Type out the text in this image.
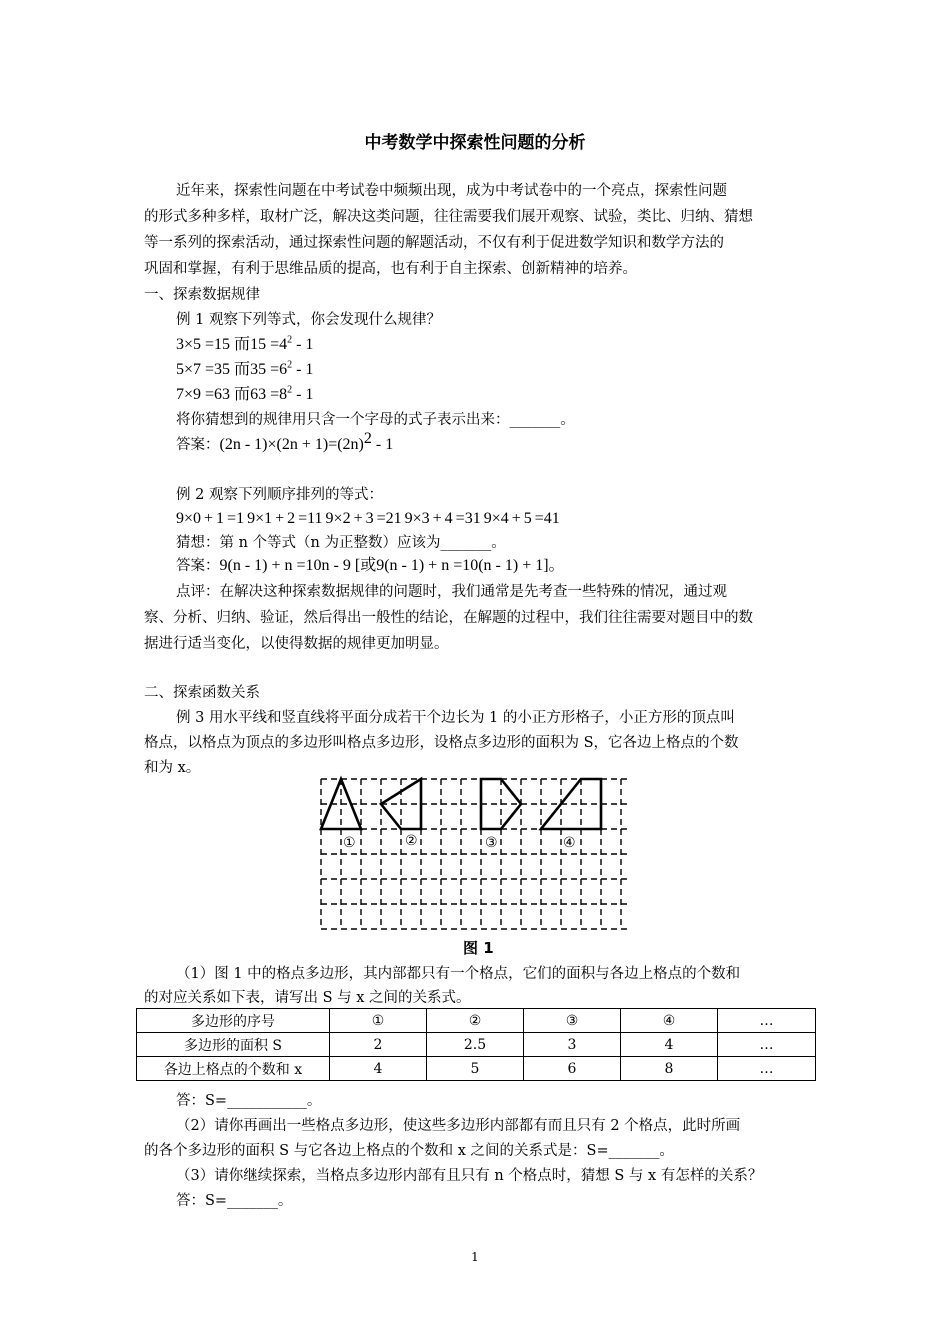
中考数学中探索性问题的分析
近年来，探索性问题在中考试卷中频频出现，成为中考试卷中的一个亮点，探索性问题
的形式多种多样，取材广泛，解决这类问题，往往需要我们展开观察、试验，类比、归纳、猜想
等一系列的探索活动，通过探索性问题的解题活动，不仅有利于促进数学知识和数学方法的
巩固和掌握，有利于思维品质的提高，也有利于自主探索、创新精神的培养。
一、探索数据规律
例 1 观察下列等式，你会发现什么规律？
3×5 =15 而$15 =4^2 - 1$
5×7 =35 而$35 =6^2 - 1$
7×9 =63 而$63 =8^2 - 1$
将你猜想到的规律用只含一个字母的式子表示出来：_______。
答案：$(2n - 1)\times(2n + 1)=(2n)^2 - 1$
例 2 观察下列顺序排列的等式：
9×0 + 1 =1 9×1 + 2 =11 9×2 + 3 =21 9×3 + 4 =31 9×4 + 5 =41
猜想：第 n 个等式（n 为正整数）应该为_______。
答案：9(n - 1) + n =10n - 9 [或9(n - 1) + n =10(n - 1) + 1]。
点评：在解决这种探索数据规律的问题时，我们通常是先考查一些特殊的情况，通过观
察、分析、归纳、验证，然后得出一般性的结论，在解题的过程中，我们往往需要对题目中的数
据进行适当变化，以使得数据的规律更加明显。
二、探索函数关系
例 3 用水平线和竖直线将平面分成若干个边长为 1 的小正方形格子，小正方形的顶点叫
格点，以格点为顶点的多边形叫格点多边形，设格点多边形的面积为 S，它各边上格点的个数
和为 x。
①	②	③	④
图 1
（1）图 1 中的格点多边形，其内部都只有一个格点，它们的面积与各边上格点的个数和
的对应关系如下表，请写出 S 与 x 之间的关系式。
多边形的序号	①	②	③	④	…
多边形的面积 S	2	2.5	3	4	…
各边上格点的个数和 x	4	5	6	8	…
答：S=___________。
（2）请你再画出一些格点多边形，使这些多边形内部都有而且只有 2 个格点，此时所画
的各个多边形的面积 S 与它各边上格点的个数和 x 之间的关系式是：S=_______。
（3）请你继续探索，当格点多边形内部有且只有 n 个格点时，猜想 S 与 x 有怎样的关系？
答：S=_______。
1
